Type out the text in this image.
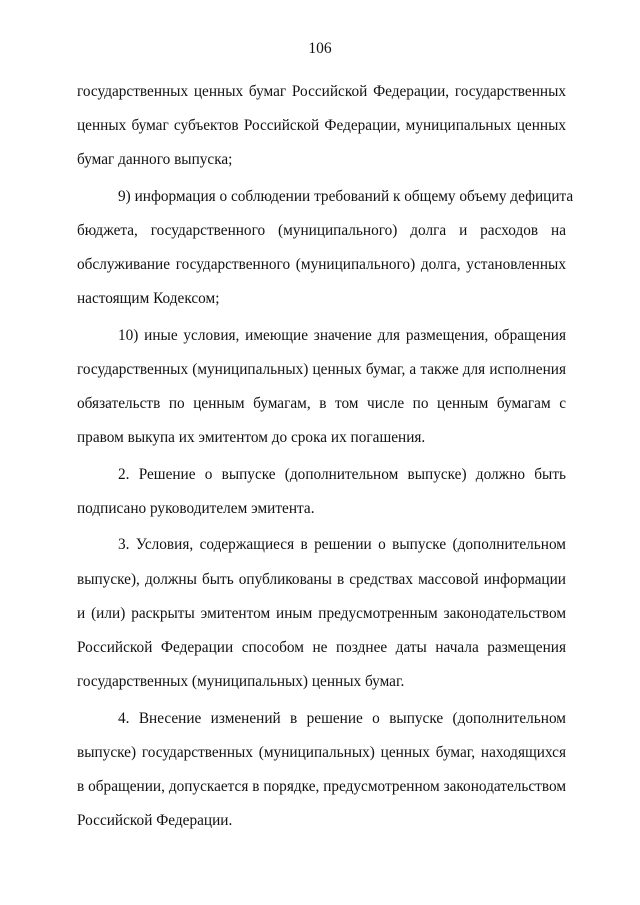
106

государственных ценных бумаг Российской Федерации, государственных
ценных бумаг субъектов Российской Федерации, муниципальных ценных
бумаг данного выпуска;

9) информация о соблюдении требований к общему объему дефицита
бюджета, государственного (муниципального) долга и расходов на
обслуживание государственного (муниципального) долга, установленных
настоящим Кодексом;

10) иные условия, имеющие значение для размещения, обращения
государственных (муниципальных) ценных бумаг, а также для исполнения
обязательств по ценным бумагам, в том числе по ценным бумагам с
правом выкупа их эмитентом до срока их погашения.

2. Решение о выпуске (дополнительном выпуске) должно быть
подписано руководителем эмитента.

3. Условия, содержащиеся в решении о выпуске (дополнительном
выпуске), должны быть опубликованы в средствах массовой информации
и (или) раскрыты эмитентом иным предусмотренным законодательством
Российской Федерации способом не позднее даты начала размещения
государственных (муниципальных) ценных бумаг.

4. Внесение изменений в решение о выпуске (дополнительном
выпуске) государственных (муниципальных) ценных бумаг, находящихся
в обращении, допускается в порядке, предусмотренном законодательством
Российской Федерации.
